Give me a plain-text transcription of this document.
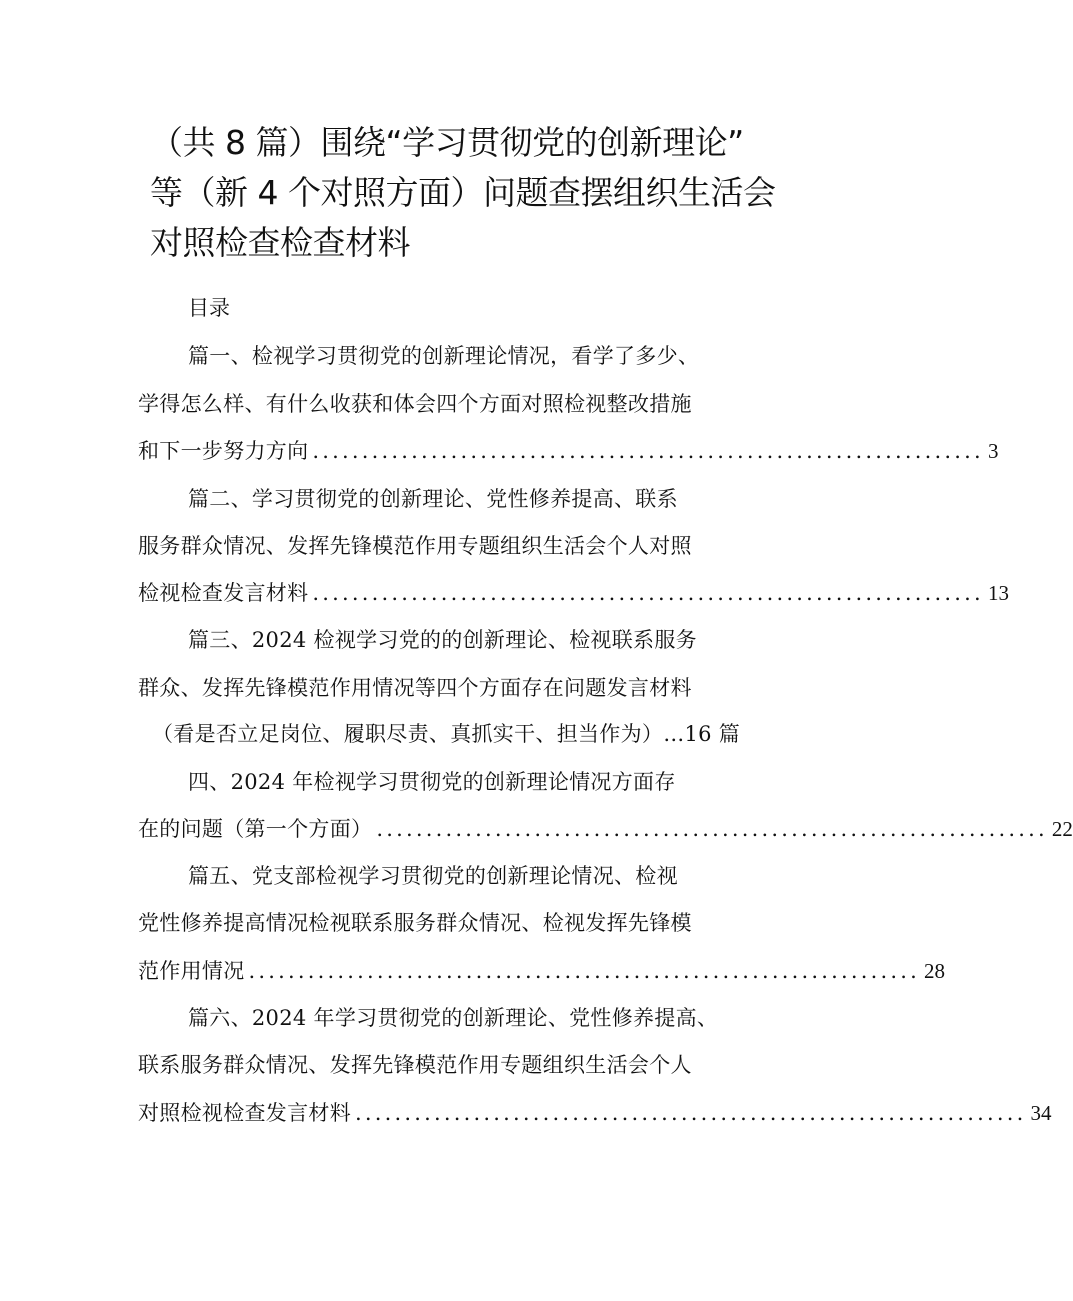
（共 8 篇）围绕“学习贯彻党的创新理论”
等（新 4 个对照方面）问题查摆组织生活会
对照检查检查材料
目录
篇一、检视学习贯彻党的创新理论情况，看学了多少、
学得怎么样、有什么收获和体会四个方面对照检视整改措施
和下一步努力方向 .................................................................... 3
篇二、学习贯彻党的创新理论、党性修养提高、联系
服务群众情况、发挥先锋模范作用专题组织生活会个人对照
检视检查发言材料 .................................................................... 13
篇三、2024 检视学习党的的创新理论、检视联系服务
群众、发挥先锋模范作用情况等四个方面存在问题发言材料
（看是否立足岗位、履职尽责、真抓实干、担当作为）…16 篇
四、2024 年检视学习贯彻党的创新理论情况方面存
在的问题（第一个方面） .................................................................... 22
篇五、党支部检视学习贯彻党的创新理论情况、检视
党性修养提高情况检视联系服务群众情况、检视发挥先锋模
范作用情况 .................................................................... 28
篇六、2024 年学习贯彻党的创新理论、党性修养提高、
联系服务群众情况、发挥先锋模范作用专题组织生活会个人
对照检视检查发言材料 .................................................................... 34
